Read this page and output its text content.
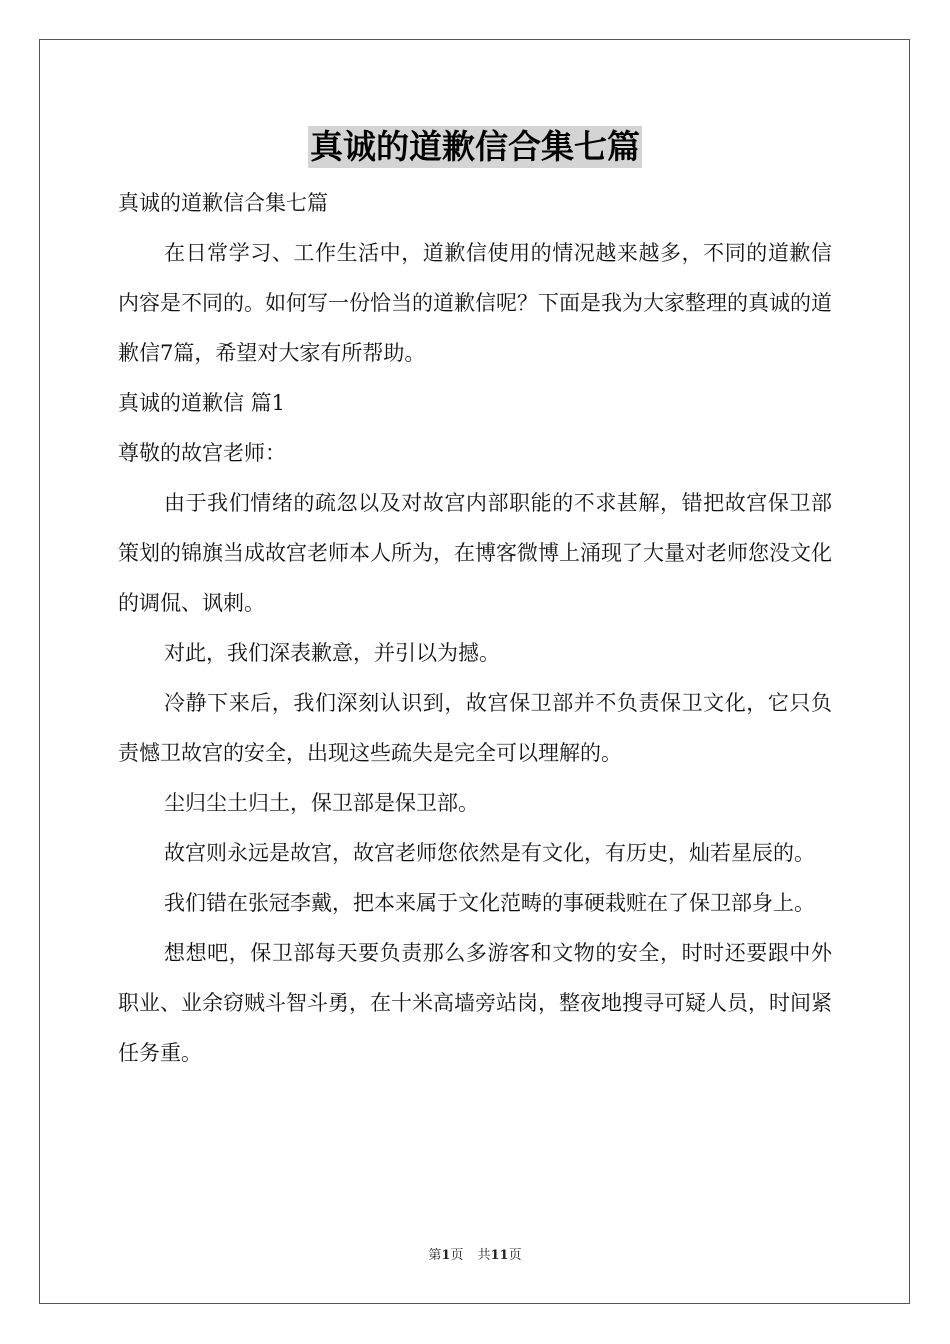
真诚的道歉信合集七篇

真诚的道歉信合集七篇

在日常学习、工作生活中，道歉信使用的情况越来越多，不同的道歉信内容是不同的。如何写一份恰当的道歉信呢？下面是我为大家整理的真诚的道歉信7篇，希望对大家有所帮助。

真诚的道歉信 篇1

尊敬的故宫老师：

由于我们情绪的疏忽以及对故宫内部职能的不求甚解，错把故宫保卫部策划的锦旗当成故宫老师本人所为，在博客微博上涌现了大量对老师您没文化的调侃、讽刺。

对此，我们深表歉意，并引以为撼。

冷静下来后，我们深刻认识到，故宫保卫部并不负责保卫文化，它只负责憾卫故宫的安全，出现这些疏失是完全可以理解的。

尘归尘土归土，保卫部是保卫部。

故宫则永远是故宫，故宫老师您依然是有文化，有历史，灿若星辰的。

我们错在张冠李戴，把本来属于文化范畴的事硬栽赃在了保卫部身上。

想想吧，保卫部每天要负责那么多游客和文物的安全，时时还要跟中外职业、业余窃贼斗智斗勇，在十米高墙旁站岗，整夜地搜寻可疑人员，时间紧任务重。

第1页 共11页
